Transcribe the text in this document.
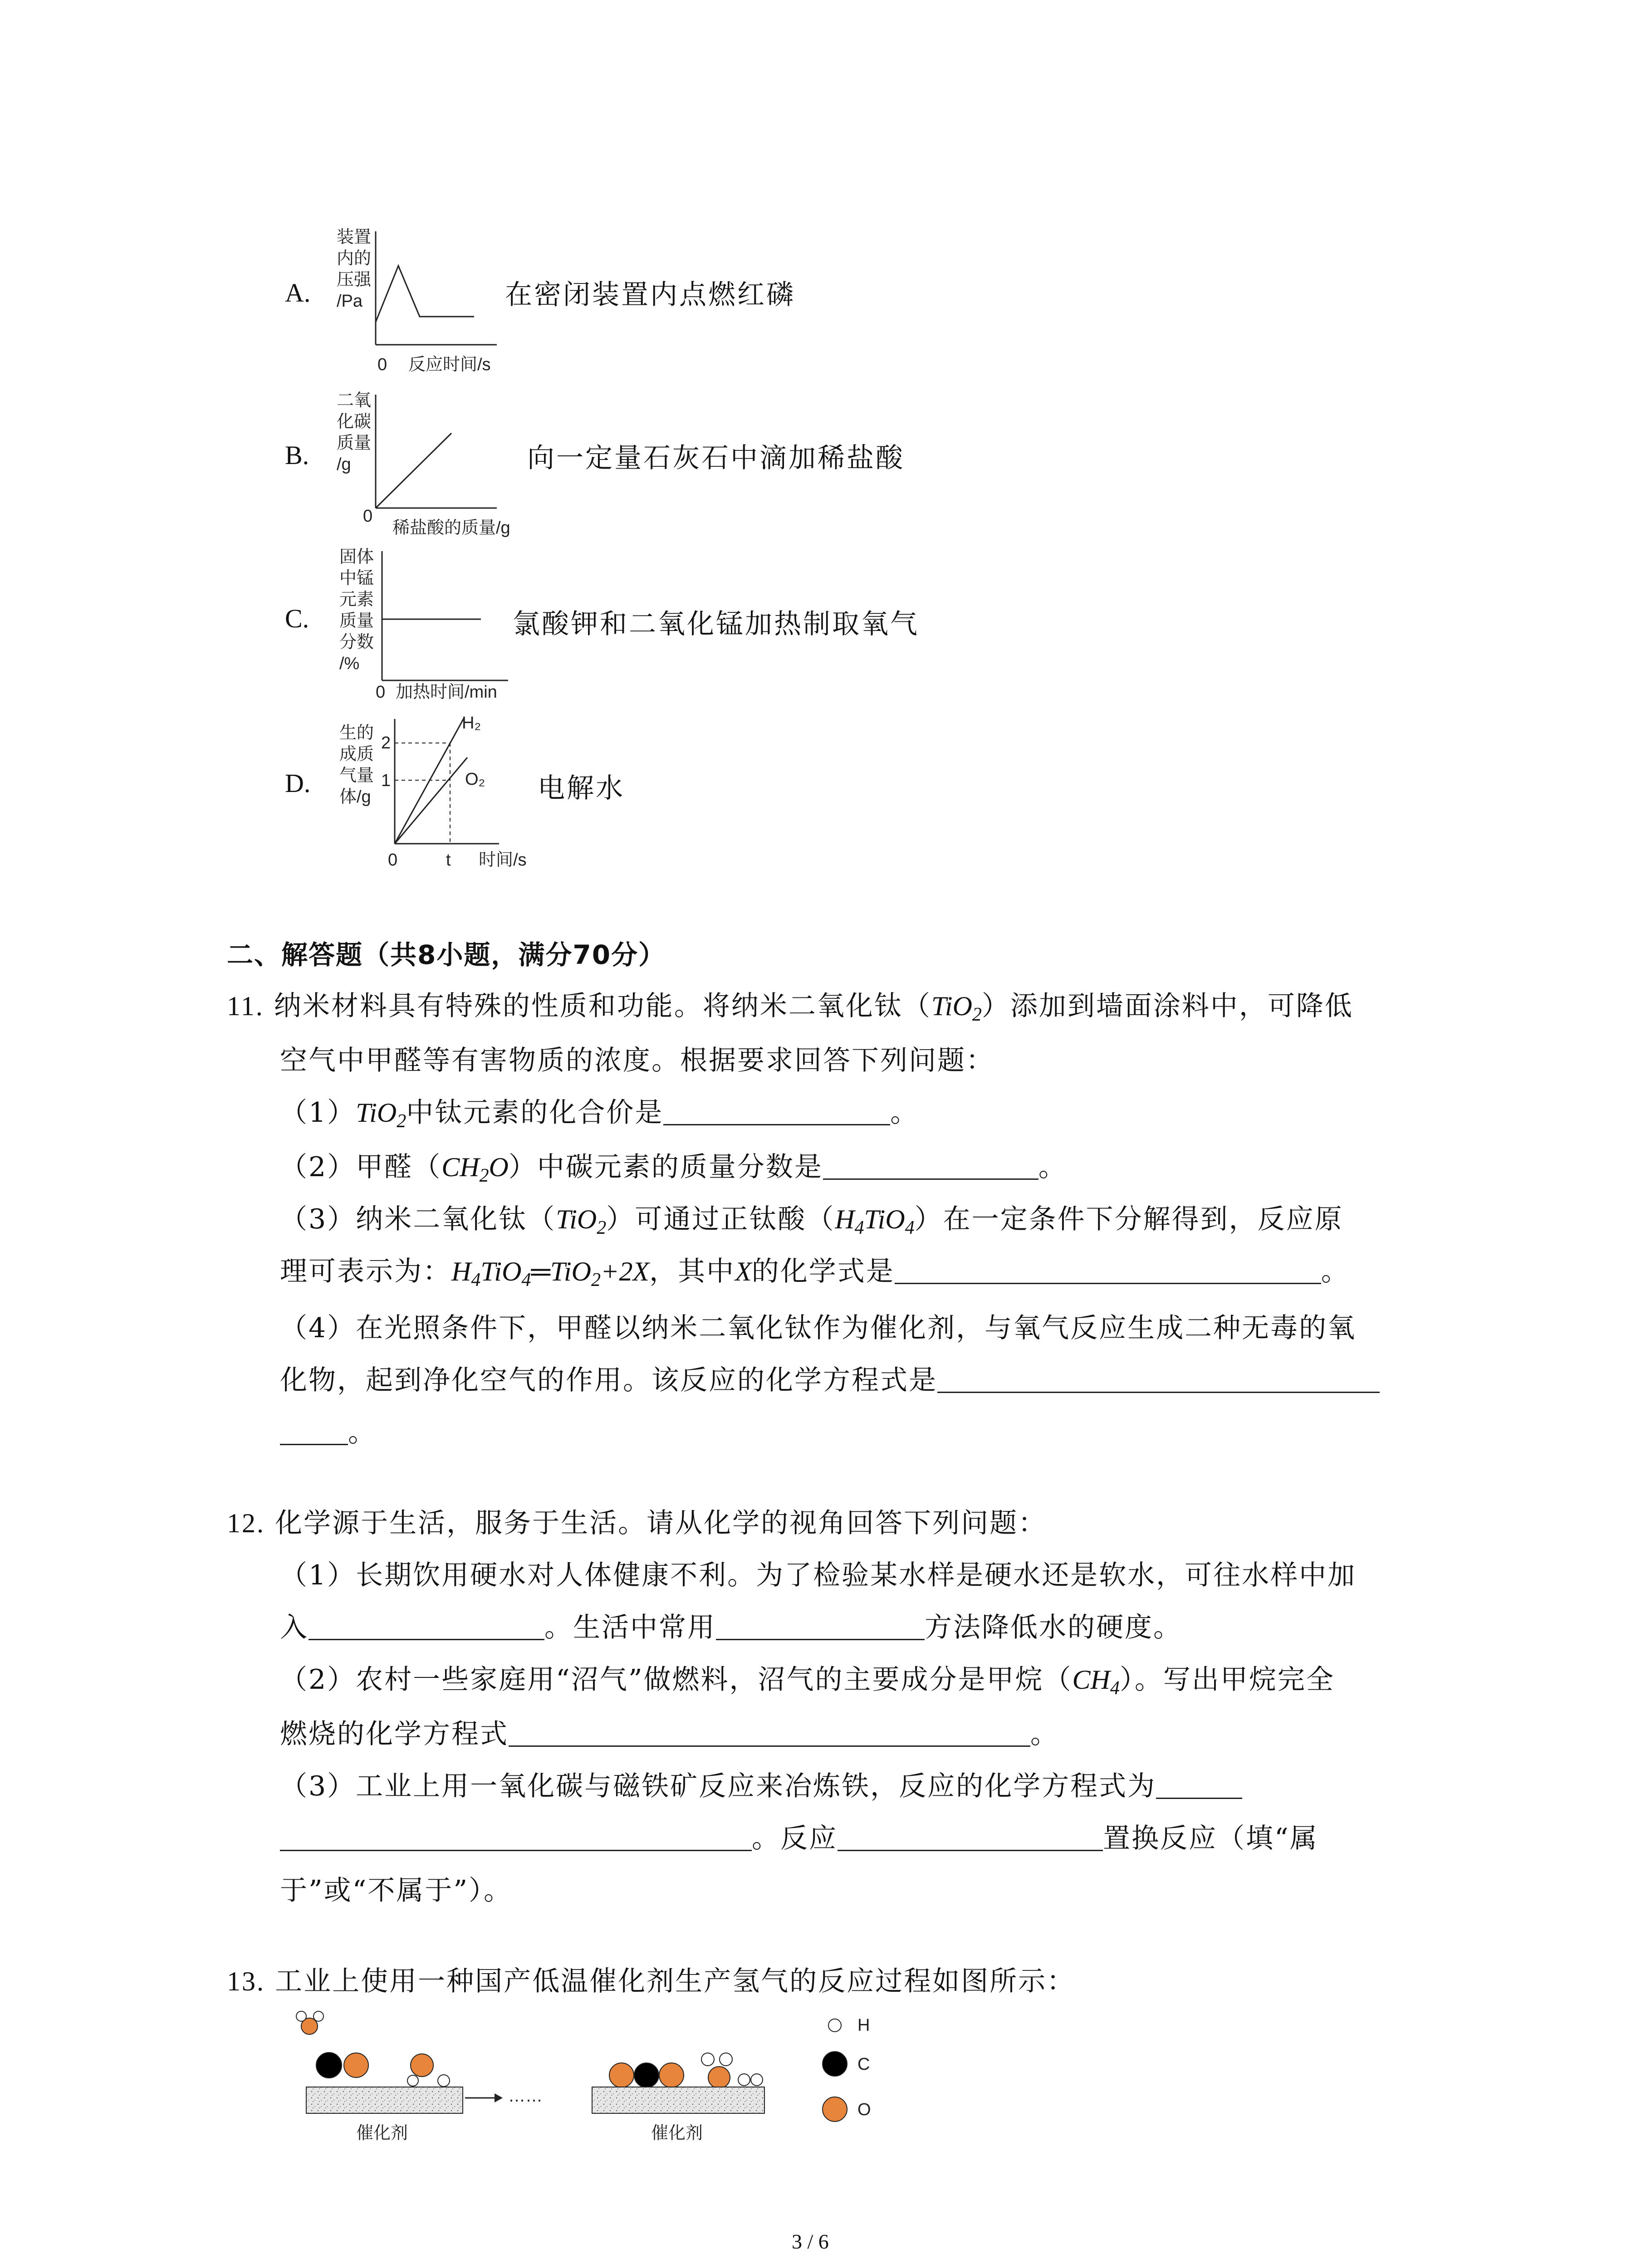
A.
装置
内的
压强
/Pa
0 反应时间/s
在密闭装置内点燃红磷
B.
二氧
化碳
质量
/g
0
稀盐酸的质量/g
向一定量石灰石中滴加稀盐酸
C.
固体
中锰
元素
质量
分数
/%
0 加热时间/min
氯酸钾和二氧化锰加热制取氧气
D.
生的
成质
气量
体/g
2
1
H₂
O₂
0	t 时间/s
电解水
二、解答题（共8小题，满分70分）
11. 纳米材料具有特殊的性质和功能。将纳米二氧化钛（TiO$_2$）添加到墙面涂料中，可降低
空气中甲醛等有害物质的浓度。根据要求回答下列问题：
（1）TiO$_2$中钛元素的化合价是	。
（2）甲醛$(CH_2O)$中碳元素的质量分数是	。
（3）纳米二氧化钛（TiO$_2$）可通过正钛酸$(H_4TiO_4)$在一定条件下分解得到，反应原
理可表示为：$H_4TiO_4═TiO_2+2X$，其中X的化学式是	。
（4）在光照条件下，甲醛以纳米二氧化钛作为催化剂，与氧气反应生成二种无毒的氧
化物，起到净化空气的作用。该反应的化学方程式是
。
12. 化学源于生活，服务于生活。请从化学的视角回答下列问题：
（1）长期饮用硬水对人体健康不利。为了检验某水样是硬水还是软水，可往水样中加
入	。生活中常用	方法降低水的硬度。
（2）农村一些家庭用“沼气”做燃料，沼气的主要成分是甲烷$(CH_4)$。写出甲烷完全
燃烧的化学方程式	。
（3）工业上用一氧化碳与磁铁矿反应来冶炼铁，反应的化学方程式为
。反应	置换反应（填“属
于”或“不属于”）。
13. 工业上使用一种国产低温催化剂生产氢气的反应过程如图所示：
催化剂
……
催化剂
H
C
O
3 / 6
